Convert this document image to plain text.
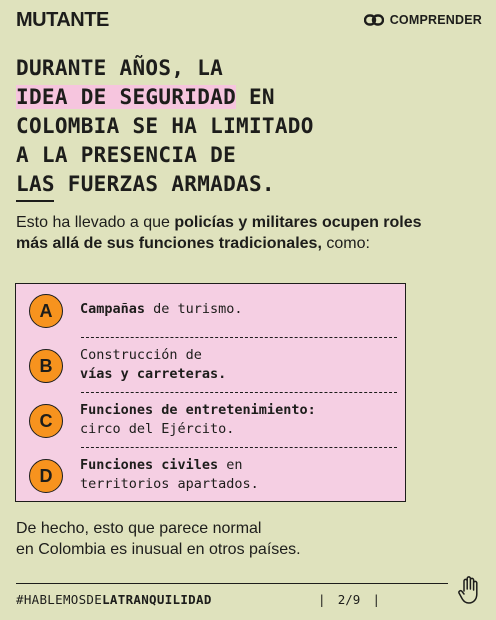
MUTANTE	COMPRENDER
DURANTE AÑOS, LA
IDEA DE SEGURIDAD EN
COLOMBIA SE HA LIMITADO
A LA PRESENCIA DE
LAS FUERZAS ARMADAS.
Esto ha llevado a que policías y militares ocupen roles más allá de sus funciones tradicionales, como:
A	Campañas de turismo.
B
Construcción de
vías y carreteras.
C
Funciones de entretenimiento:
circo del Ejército.
D
Funciones civiles en
territorios apartados.
De hecho, esto que parece normal
en Colombia es inusual en otros países.
#HABLEMOSDELATRANQUILIDAD	| 2/9 |
